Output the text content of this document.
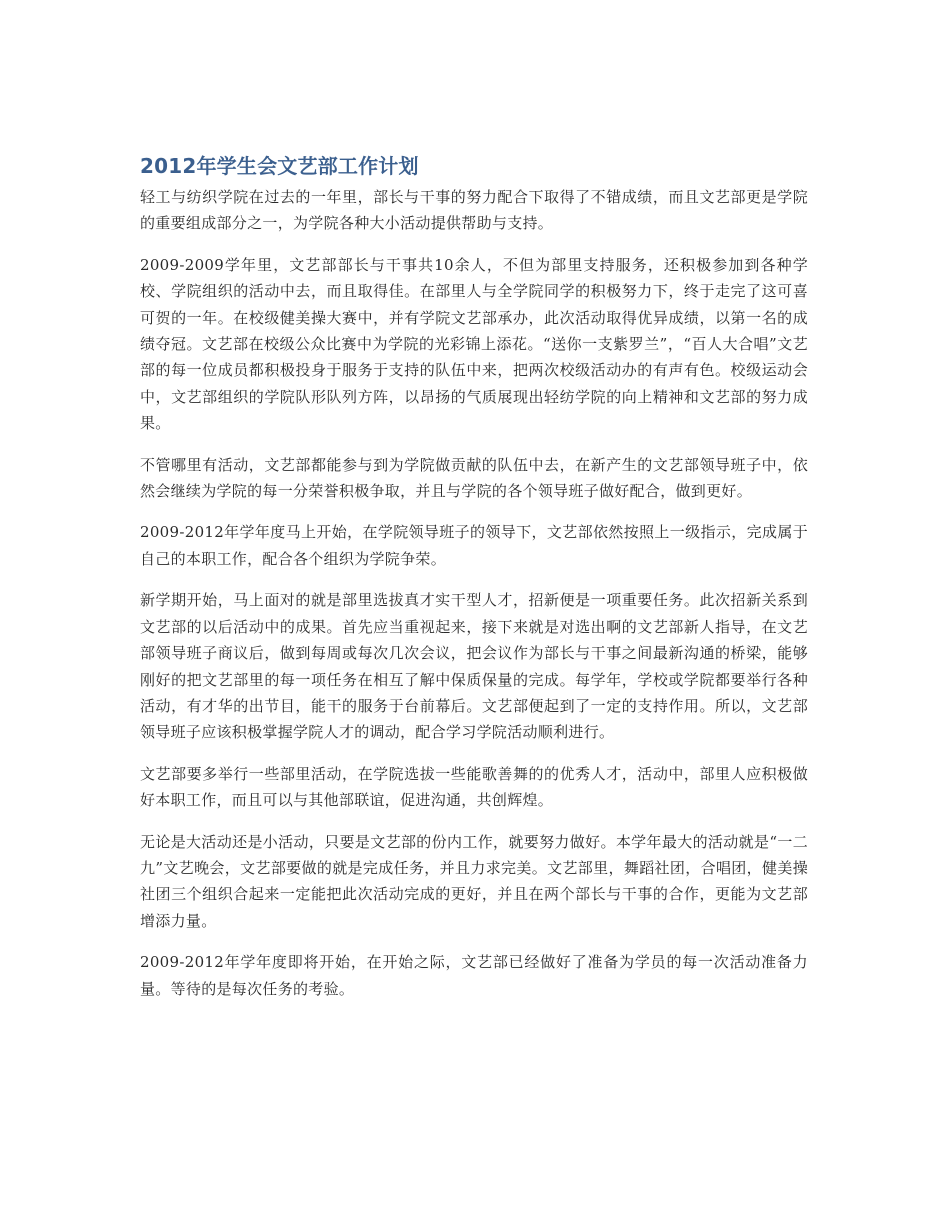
2012年学生会文艺部工作计划

轻工与纺织学院在过去的一年里，部长与干事的努力配合下取得了不错成绩，而且文艺部更是学院的重要组成部分之一，为学院各种大小活动提供帮助与支持。

2009-2009学年里，文艺部部长与干事共10余人，不但为部里支持服务，还积极参加到各种学校、学院组织的活动中去，而且取得佳。在部里人与全学院同学的积极努力下，终于走完了这可喜可贺的一年。在校级健美操大赛中，并有学院文艺部承办，此次活动取得优异成绩，以第一名的成绩夺冠。文艺部在校级公众比赛中为学院的光彩锦上添花。“送你一支紫罗兰”，“百人大合唱”文艺部的每一位成员都积极投身于服务于支持的队伍中来，把两次校级活动办的有声有色。校级运动会中，文艺部组织的学院队形队列方阵，以昂扬的气质展现出轻纺学院的向上精神和文艺部的努力成果。

不管哪里有活动，文艺部都能参与到为学院做贡献的队伍中去，在新产生的文艺部领导班子中，依然会继续为学院的每一分荣誉积极争取，并且与学院的各个领导班子做好配合，做到更好。

2009-2012年学年度马上开始，在学院领导班子的领导下，文艺部依然按照上一级指示，完成属于自己的本职工作，配合各个组织为学院争荣。

新学期开始，马上面对的就是部里选拔真才实干型人才，招新便是一项重要任务。此次招新关系到文艺部的以后活动中的成果。首先应当重视起来，接下来就是对选出啊的文艺部新人指导，在文艺部领导班子商议后，做到每周或每次几次会议，把会议作为部长与干事之间最新沟通的桥梁，能够刚好的把文艺部里的每一项任务在相互了解中保质保量的完成。每学年，学校或学院都要举行各种活动，有才华的出节目，能干的服务于台前幕后。文艺部便起到了一定的支持作用。所以，文艺部领导班子应该积极掌握学院人才的调动，配合学习学院活动顺利进行。

文艺部要多举行一些部里活动，在学院选拔一些能歌善舞的的优秀人才，活动中，部里人应积极做好本职工作，而且可以与其他部联谊，促进沟通，共创辉煌。

无论是大活动还是小活动，只要是文艺部的份内工作，就要努力做好。本学年最大的活动就是“一二九”文艺晚会，文艺部要做的就是完成任务，并且力求完美。文艺部里，舞蹈社团，合唱团，健美操社团三个组织合起来一定能把此次活动完成的更好，并且在两个部长与干事的合作，更能为文艺部增添力量。

2009-2012年学年度即将开始，在开始之际，文艺部已经做好了准备为学员的每一次活动准备力量。等待的是每次任务的考验。
